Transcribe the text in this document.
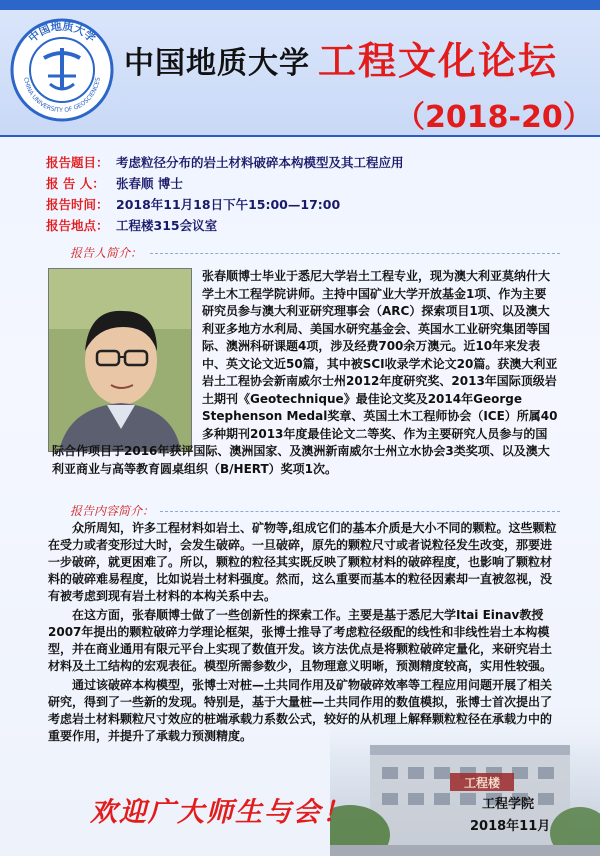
中国地质大学
CHINA UNIVERSITY OF GEOSCIENCES 中国地质大学 工程文化论坛
（2018-20）
报告题目： 考虑粒径分布的岩土材料破碎本构模型及其工程应用
报 告 人： 张春顺 博士
报告时间： 2018年11月18日下午15:00—17:00
报告地点： 工程楼315会议室
报告人简介：
张春顺博士毕业于悉尼大学岩土工程专业，现为澳大利亚莫纳什大学土木工程学院讲师。主持中国矿业大学开放基金1项、作为主要研究员参与澳大利亚研究理事会（ARC）探索项目1项、以及澳大利亚多地方水利局、美国水研究基金会、英国水工业研究集团等国际、澳洲科研课题4项，涉及经费700余万澳元。近10年来发表中、英文论文近50篇，其中被SCI收录学术论文20篇。获澳大利亚岩土工程协会新南威尔士州2012年度研究奖、2013年国际顶级岩土期刊《Geotechnique》最佳论文奖及2014年George Stephenson Medal奖章、英国土木工程师协会（ICE）所属40多种期刊2013年度最佳论文二等奖、作为主要研究人员参与的国际合作项目于2016年获评国际、澳洲国家、及澳洲新南威尔士州立水协会3类奖项、以及澳大利亚商业与高等教育圆桌组织（B/HERT）奖项1次。
报告内容简介：
工程楼

众所周知，许多工程材料如岩土、矿物等,组成它们的基本介质是大小不同的颗粒。这些颗粒在受力或者变形过大时，会发生破碎。一旦破碎，原先的颗粒尺寸或者说粒径发生改变，那要进一步破碎，就更困难了。所以，颗粒的粒径其实既反映了颗粒材料的破碎程度，也影响了颗粒材料的破碎难易程度，比如说岩土材料强度。然而，这么重要而基本的粒径因素却一直被忽视，没有被考虑到现有岩土材料的本构关系中去。

在这方面，张春顺博士做了一些创新性的探索工作。主要是基于悉尼大学Itai Einav教授2007年提出的颗粒破碎力学理论框架，张博士推导了考虑粒径级配的线性和非线性岩土本构模型，并在商业通用有限元平台上实现了数值开发。该方法优点是将颗粒破碎定量化，来研究岩土材料及土工结构的宏观表征。模型所需参数少，且物理意义明晰，预测精度较高，实用性较强。

通过该破碎本构模型，张博士对桩—土共同作用及矿物破碎效率等工程应用问题开展了相关研究，得到了一些新的发现。特别是，基于大量桩—土共同作用的数值模拟，张博士首次提出了考虑岩土材料颗粒尺寸效应的桩端承载力系数公式，较好的从机理上解释颗粒粒径在承载力中的重要作用，并提升了承载力预测精度。

欢迎广大师生与会！	工程学院
2018年11月
